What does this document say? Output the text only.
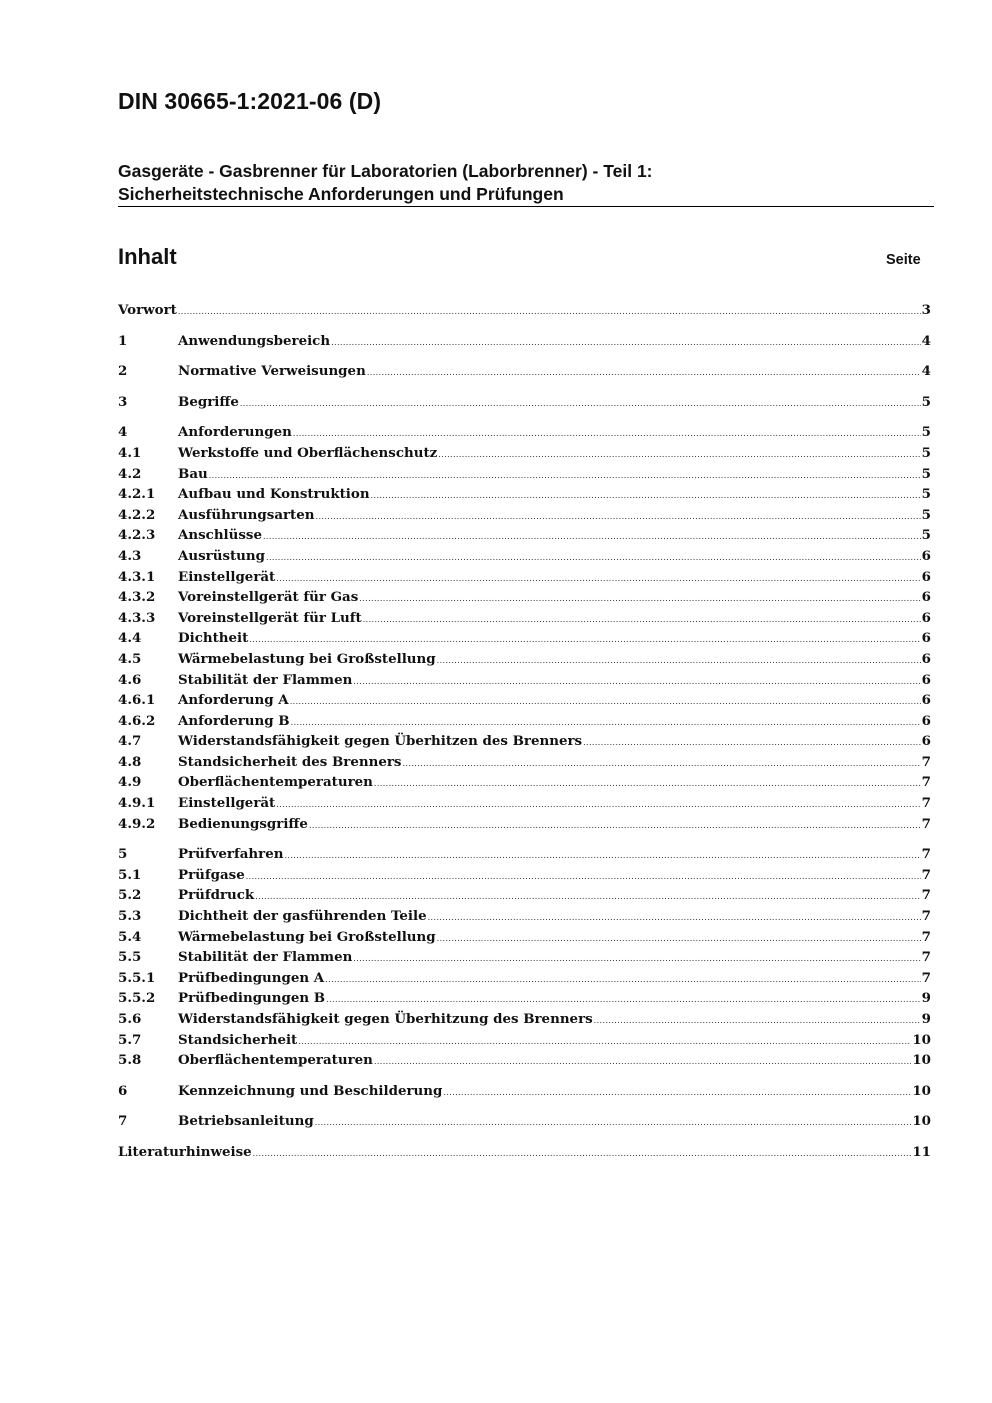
DIN 30665-1:2021-06 (D)
Gasgeräte - Gasbrenner für Laboratorien (Laborbrenner) - Teil 1:
Sicherheitstechnische Anforderungen und Prüfungen
Inhalt	Seite
Vorwort .....	3
1	Anwendungsbereich .....	4
2	Normative Verweisungen .....	4
3	Begriffe .....	5
4	Anforderungen .....	5
4.1	Werkstoffe und Oberflächenschutz .....	5
4.2	Bau .....	5
4.2.1	Aufbau und Konstruktion .....	5
4.2.2	Ausführungsarten .....	5
4.2.3	Anschlüsse .....	5
4.3	Ausrüstung .....	6
4.3.1	Einstellgerät .....	6
4.3.2	Voreinstellgerät für Gas .....	6
4.3.3	Voreinstellgerät für Luft .....	6
4.4	Dichtheit .....	6
4.5	Wärmebelastung bei Großstellung .....	6
4.6	Stabilität der Flammen .....	6
4.6.1	Anforderung A .....	6
4.6.2	Anforderung B .....	6
4.7	Widerstandsfähigkeit gegen Überhitzen des Brenners .....	6
4.8	Standsicherheit des Brenners .....	7
4.9	Oberflächentemperaturen .....	7
4.9.1	Einstellgerät .....	7
4.9.2	Bedienungsgriffe .....	7
5	Prüfverfahren .....	7
5.1	Prüfgase .....	7
5.2	Prüfdruck .....	7
5.3	Dichtheit der gasführenden Teile .....	7
5.4	Wärmebelastung bei Großstellung .....	7
5.5	Stabilität der Flammen .....	7
5.5.1	Prüfbedingungen A .....	7
5.5.2	Prüfbedingungen B .....	9
5.6	Widerstandsfähigkeit gegen Überhitzung des Brenners .....	9
5.7	Standsicherheit .....	10
5.8	Oberflächentemperaturen .....	10
6	Kennzeichnung und Beschilderung .....	10
7	Betriebsanleitung .....	10
Literaturhinweise .....	11
